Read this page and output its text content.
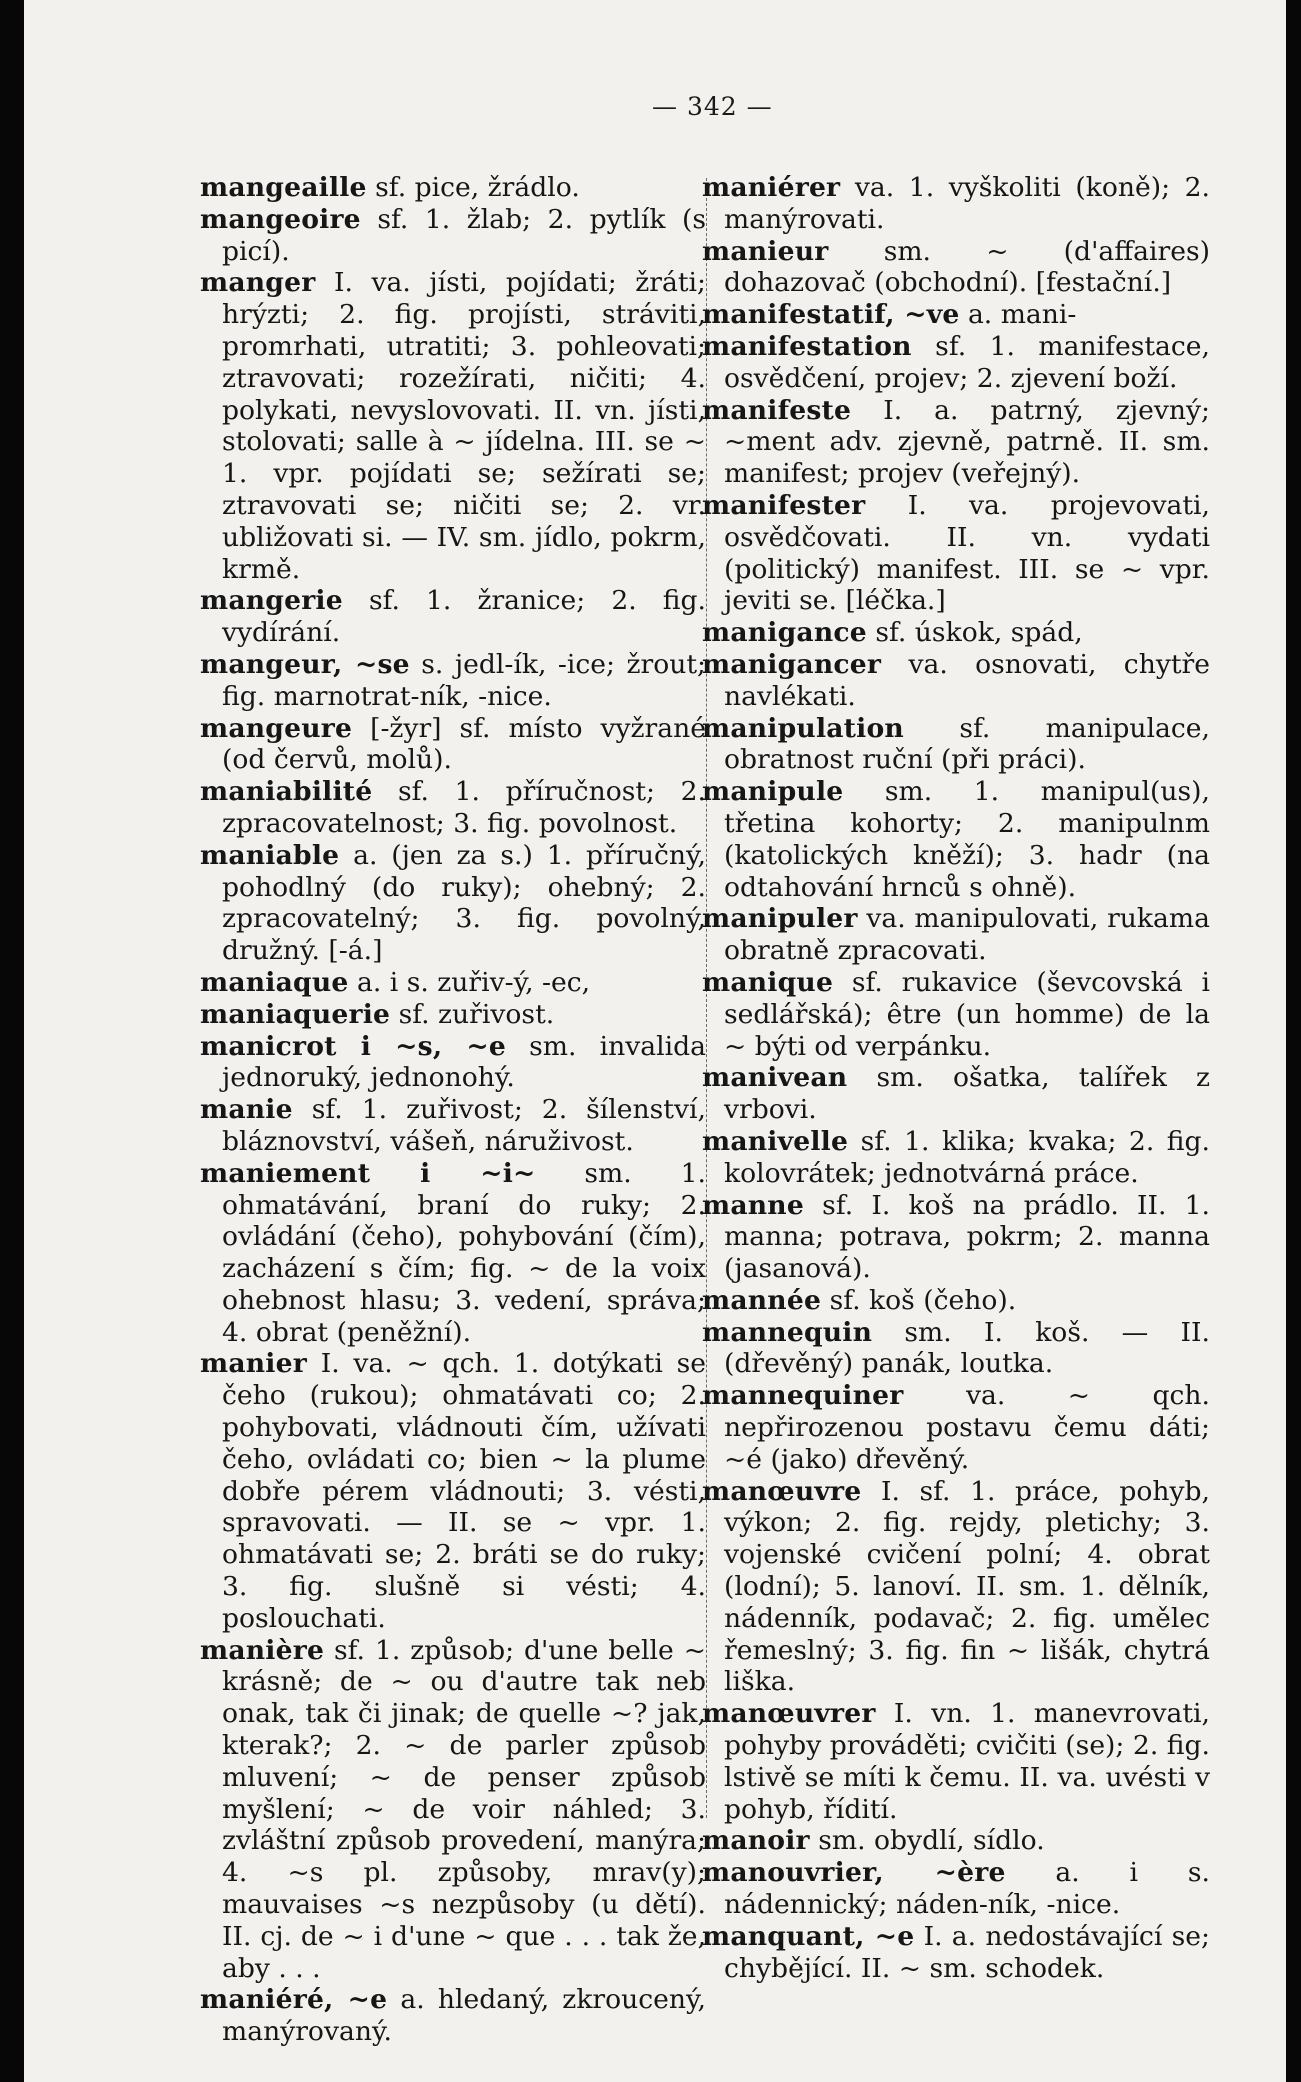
— 342 —

mangeaille sf. pice, žrádlo.

mangeoire sf. 1. žlab; 2. pytlík (s picí).

manger I. va. jísti, pojídati; žráti; hrýzti; 2. fig. projísti, stráviti, promrhati, utratiti; 3. pohleovati; ztravovati; rozežírati, ničiti; 4. polykati, nevyslovovati. II. vn. jísti, stolovati; salle à ~ jídelna. III. se ~ 1. vpr. pojídati se; sežírati se; ztravovati se; ničiti se; 2. vr. ubližovati si. — IV. sm. jídlo, pokrm, krmě.

mangerie sf. 1. žranice; 2. fig. vydírání.

mangeur, ~se s. jedl-ík, -ice; žrout; fig. marnotrat-ník, -nice.

mangeure [-žyr] sf. místo vyžrané (od červů, molů).

maniabilité sf. 1. příručnost; 2. zpracovatelnost; 3. fig. povolnost.

maniable a. (jen za s.) 1. příručný, pohodlný (do ruky); ohebný; 2. zpracovatelný; 3. fig. povolný, družný. [-á.]

maniaque a. i s. zuřiv-ý, -ec,

maniaquerie sf. zuřivost.

manicrot i ~s, ~e sm. invalida jednoruký, jednonohý.

manie sf. 1. zuřivost; 2. šílenství, bláznovství, vášeň, náruživost.

maniement i ~i~ sm. 1. ohmatávání, braní do ruky; 2. ovládání (čeho), pohybování (čím), zacházení s čím; fig. ~ de la voix ohebnost hlasu; 3. vedení, správa; 4. obrat (peněžní).

manier I. va. ~ qch. 1. dotýkati se čeho (rukou); ohmatávati co; 2. pohybovati, vládnouti čím, užívati čeho, ovládati co; bien ~ la plume dobře pérem vládnouti; 3. vésti, spravovati. — II. se ~ vpr. 1. ohmatávati se; 2. bráti se do ruky; 3. fig. slušně si vésti; 4. poslouchati.

manière sf. 1. způsob; d'une belle ~ krásně; de ~ ou d'autre tak neb onak, tak či jinak; de quelle ~? jak, kterak?; 2. ~ de parler způsob mluvení; ~ de penser způsob myšlení; ~ de voir náhled; 3. zvláštní způsob provedení, manýra; 4. ~s pl. způsoby, mrav(y); mauvaises ~s nezpůsoby (u dětí). II. cj. de ~ i d'une ~ que . . . tak že, aby . . .

maniéré, ~e a. hledaný, zkroucený, manýrovaný.

maniérer va. 1. vyškoliti (koně); 2. manýrovati.

manieur sm. ~ (d'affaires) dohazovač (obchodní). [festační.]

manifestatif, ~ve a. mani-

manifestation sf. 1. manifestace, osvědčení, projev; 2. zjevení boží.

manifeste I. a. patrný, zjevný; ~ment adv. zjevně, patrně. II. sm. manifest; projev (veřejný).

manifester I. va. projevovati, osvědčovati. II. vn. vydati (politický) manifest. III. se ~ vpr. jeviti se. [léčka.]

manigance sf. úskok, spád,

manigancer va. osnovati, chytře navlékati.

manipulation sf. manipulace, obratnost ruční (při práci).

manipule sm. 1. manipul(us), třetina kohorty; 2. manipulnm (katolických kněží); 3. hadr (na odtahování hrnců s ohně).

manipuler va. manipulovati, rukama obratně zpracovati.

manique sf. rukavice (ševcovská i sedlářská); être (un homme) de la ~ býti od verpánku.

manivean sm. ošatka, talířek z vrbovi.

manivelle sf. 1. klika; kvaka; 2. fig. kolovrátek; jednotvárná práce.

manne sf. I. koš na prádlo. II. 1. manna; potrava, pokrm; 2. manna (jasanová).

mannée sf. koš (čeho).

mannequin sm. I. koš. — II. (dřevěný) panák, loutka.

mannequiner va. ~ qch. nepřirozenou postavu čemu dáti; ~é (jako) dřevěný.

manœuvre I. sf. 1. práce, pohyb, výkon; 2. fig. rejdy, pletichy; 3. vojenské cvičení polní; 4. obrat (lodní); 5. lanoví. II. sm. 1. dělník, nádenník, podavač; 2. fig. umělec řemeslný; 3. fig. fin ~ lišák, chytrá liška.

manœuvrer I. vn. 1. manevrovati, pohyby prováděti; cvičiti (se); 2. fig. lstivě se míti k čemu. II. va. uvésti v pohyb, řídití.

manoir sm. obydlí, sídlo.

manouvrier, ~ère a. i s. nádennický; náden-ník, -nice.

manquant, ~e I. a. nedostávající se; chybějící. II. ~ sm. schodek.
